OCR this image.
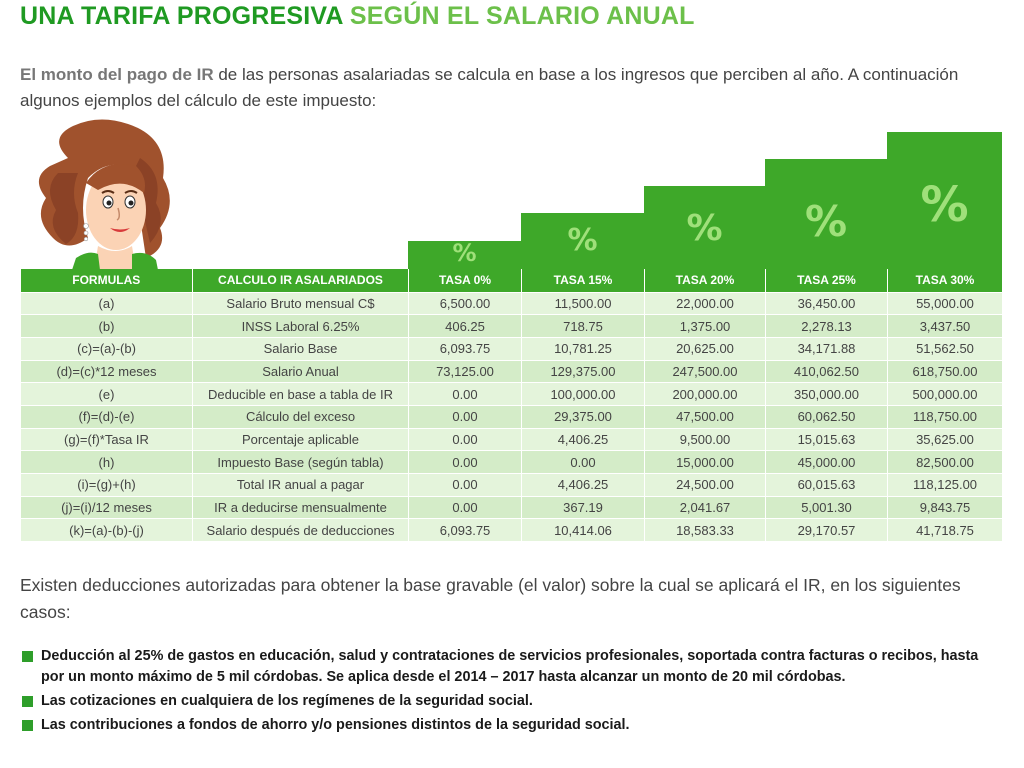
UNA TARIFA PROGRESIVA SEGÚN EL SALARIO ANUAL

El monto del pago de IR de las personas asalariadas se calcula en base a los ingresos que perciben al año. A continuación algunos ejemplos del cálculo de este impuesto:

%	%	%	%	%
FORMULAS	CALCULO IR ASALARIADOS	TASA 0%	TASA 15%	TASA 20%	TASA 25%	TASA 30%
(a)	Salario Bruto mensual C$	6,500.00	11,500.00	22,000.00	36,450.00	55,000.00
(b)	INSS Laboral 6.25%	406.25	718.75	1,375.00	2,278.13	3,437.50
(c)=(a)-(b)	Salario Base	6,093.75	10,781.25	20,625.00	34,171.88	51,562.50
(d)=(c)*12 meses	Salario Anual	73,125.00	129,375.00	247,500.00	410,062.50	618,750.00
(e)	Deducible en base a tabla de IR	0.00	100,000.00	200,000.00	350,000.00	500,000.00
(f)=(d)-(e)	Cálculo del exceso	0.00	29,375.00	47,500.00	60,062.50	118,750.00
(g)=(f)*Tasa IR	Porcentaje aplicable	0.00	4,406.25	9,500.00	15,015.63	35,625.00
(h)	Impuesto Base (según tabla)	0.00	0.00	15,000.00	45,000.00	82,500.00
(i)=(g)+(h)	Total IR anual a pagar	0.00	4,406.25	24,500.00	60,015.63	118,125.00
(j)=(i)/12 meses	IR a deducirse mensualmente	0.00	367.19	2,041.67	5,001.30	9,843.75
(k)=(a)-(b)-(j)	Salario después de deducciones	6,093.75	10,414.06	18,583.33	29,170.57	41,718.75

Existen deducciones autorizadas para obtener la base gravable (el valor) sobre la cual se aplicará el IR, en los siguientes casos:

Deducción al 25% de gastos en educación, salud y contrataciones de servicios profesionales, soportada contra facturas o recibos, hasta por un monto máximo de 5 mil córdobas. Se aplica desde el 2014 – 2017 hasta alcanzar un monto de 20 mil córdobas.
Las cotizaciones en cualquiera de los regímenes de la seguridad social.
Las contribuciones a fondos de ahorro y/o pensiones distintos de la seguridad social.
